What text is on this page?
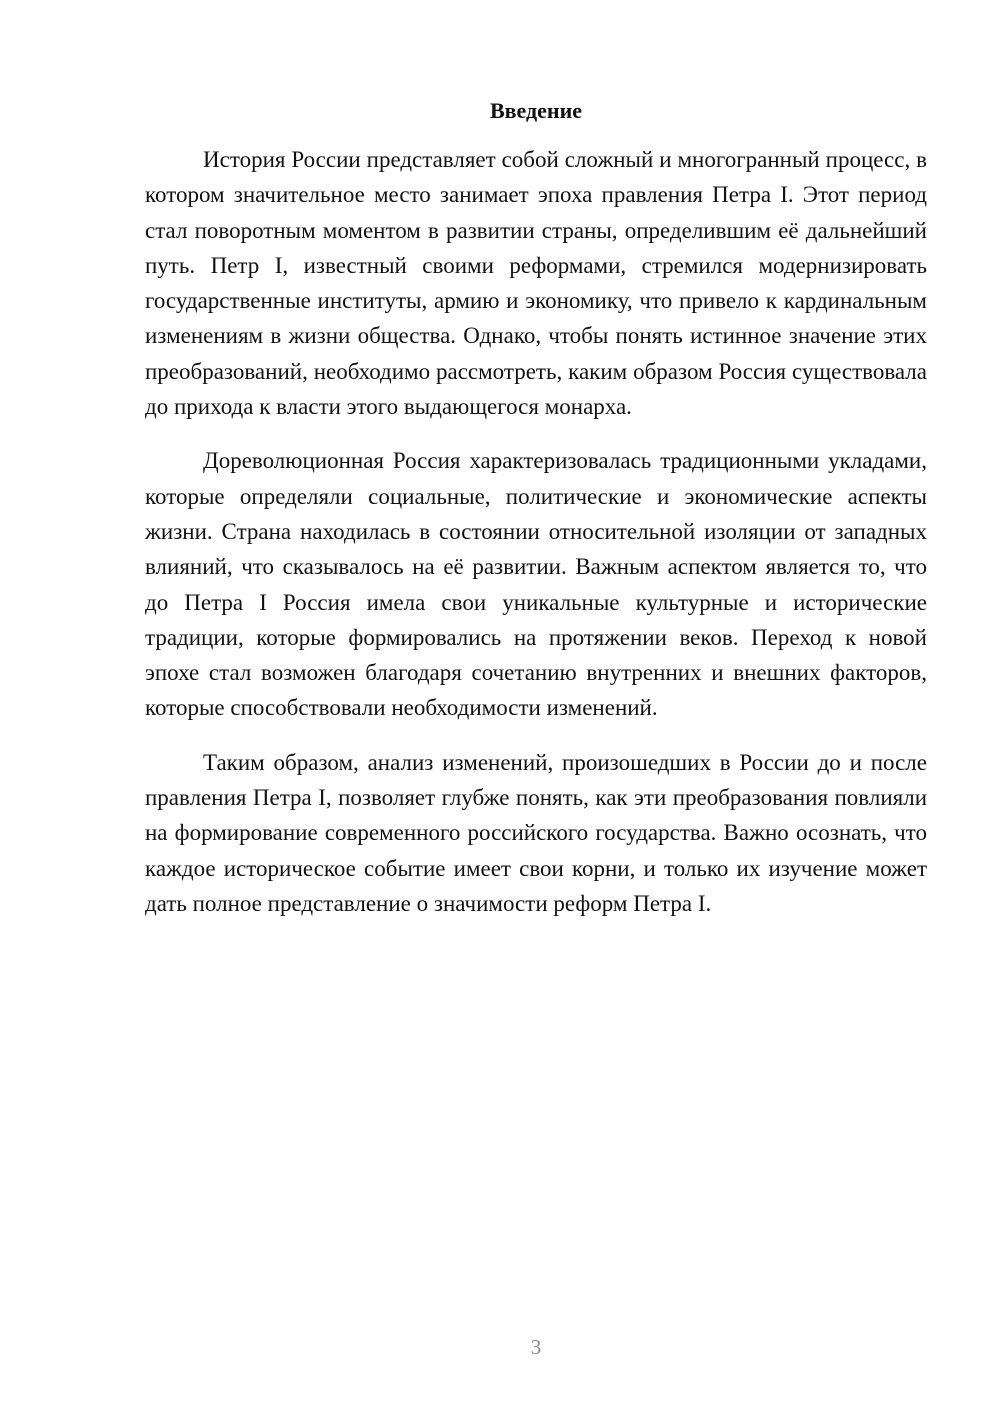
Введение

История России представляет собой сложный и многогранный процесс, в котором значительное место занимает эпоха правления Петра I. Этот период стал поворотным моментом в развитии страны, определившим её дальнейший путь. Петр I, известный своими реформами, стремился модернизировать государственные институты, армию и экономику, что привело к кардинальным изменениям в жизни общества. Однако, чтобы понять истинное значение этих преобразований, необходимо рассмотреть, каким образом Россия существовала до прихода к власти этого выдающегося монарха.

Дореволюционная Россия характеризовалась традиционными укладами, которые определяли социальные, политические и экономические аспекты жизни. Страна находилась в состоянии относительной изоляции от западных влияний, что сказывалось на её развитии. Важным аспектом является то, что до Петра I Россия имела свои уникальные культурные и исторические традиции, которые формировались на протяжении веков. Переход к новой эпохе стал возможен благодаря сочетанию внутренних и внешних факторов, которые способствовали необходимости изменений.

Таким образом, анализ изменений, произошедших в России до и после правления Петра I, позволяет глубже понять, как эти преобразования повлияли на формирование современного российского государства. Важно осознать, что каждое историческое событие имеет свои корни, и только их изучение может дать полное представление о значимости реформ Петра I.

3
